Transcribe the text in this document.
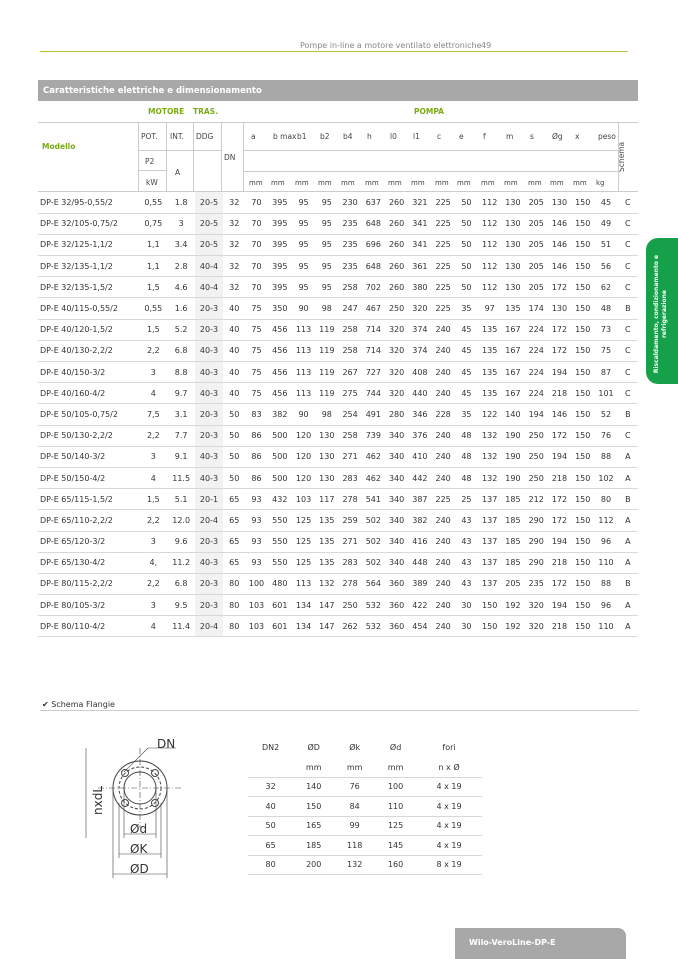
Pompe in-line a motore ventilato elettroniche 49
Caratteristiche elettriche e dimensionamento
Riscaldamento, condizionamento e refrigerazione
MOTORE TRAS.	POMPA
Modello
POT. INT. DDG
P2
kW
A
DN	Schema
a
mm
b max
mm
b1
mm
b2
mm
b4
mm
h
mm
l0
mm
l1
mm
c
mm
e
mm
f
mm
m
mm
s
mm
Øg
mm
x
mm
peso
kg
DP-E 32/95-0,55/2	0,55	1.8	20-5	32	70	395	95	95	230	637	260	321	225	50	112	130	205	130	150	45	C
DP-E 32/105-0,75/2	0,75	3	20-5	32	70	395	95	95	235	648	260	341	225	50	112	130	205	146	150	49	C
DP-E 32/125-1,1/2	1,1	3.4	20-5	32	70	395	95	95	235	696	260	341	225	50	112	130	205	146	150	51	C
DP-E 32/135-1,1/2	1,1	2.8	40-4	32	70	395	95	95	235	648	260	361	225	50	112	130	205	146	150	56	C
DP-E 32/135-1,5/2	1,5	4.6	40-4	32	70	395	95	95	258	702	260	380	225	50	112	130	205	172	150	62	C
DP-E 40/115-0,55/2	0,55	1.6	20-3	40	75	350	90	98	247	467	250	320	225	35	97	135	174	130	150	48	B
DP-E 40/120-1,5/2	1,5	5.2	20-3	40	75	456	113	119	258	714	320	374	240	45	135	167	224	172	150	73	C
DP-E 40/130-2,2/2	2,2	6.8	40-3	40	75	456	113	119	258	714	320	374	240	45	135	167	224	172	150	75	C
DP-E 40/150-3/2	3	8.8	40-3	40	75	456	113	119	267	727	320	408	240	45	135	167	224	194	150	87	C
DP-E 40/160-4/2	4	9.7	40-3	40	75	456	113	119	275	744	320	440	240	45	135	167	224	218	150	101	C
DP-E 50/105-0,75/2	7,5	3.1	20-3	50	83	382	90	98	254	491	280	346	228	35	122	140	194	146	150	52	B
DP-E 50/130-2,2/2	2,2	7.7	20-3	50	86	500	120	130	258	739	340	376	240	48	132	190	250	172	150	76	C
DP-E 50/140-3/2	3	9.1	40-3	50	86	500	120	130	271	462	340	410	240	48	132	190	250	194	150	88	A
DP-E 50/150-4/2	4	11.5	40-3	50	86	500	120	130	283	462	340	442	240	48	132	190	250	218	150	102	A
DP-E 65/115-1,5/2	1,5	5.1	20-1	65	93	432	103	117	278	541	340	387	225	25	137	185	212	172	150	80	B
DP-E 65/110-2,2/2	2,2	12.0	20-4	65	93	550	125	135	259	502	340	382	240	43	137	185	290	172	150	112	A
DP-E 65/120-3/2	3	9.6	20-3	65	93	550	125	135	271	502	340	416	240	43	137	185	290	194	150	96	A
DP-E 65/130-4/2	4,	11.2	40-3	65	93	550	125	135	283	502	340	448	240	43	137	185	290	218	150	110	A
DP-E 80/115-2,2/2	2,2	6.8	20-3	80	100	480	113	132	278	564	360	389	240	43	137	205	235	172	150	88	B
DP-E 80/105-3/2	3	9.5	20-3	80	103	601	134	147	250	532	360	422	240	30	150	192	320	194	150	96	A
DP-E 80/110-4/2	4	11.4	20-4	80	103	601	134	147	262	532	360	454	240	30	150	192	320	218	150	110	A
✔ Schema Flangie
DN
nxdL
Ød
ØK
ØD
DN2	ØD	Øk	Ød	fori
	mm	mm	mm	n x Ø
32	140	76	100	4 x 19
40	150	84	110	4 x 19
50	165	99	125	4 x 19
65	185	118	145	4 x 19
80	200	132	160	8 x 19
Wilo-VeroLine-DP-E
